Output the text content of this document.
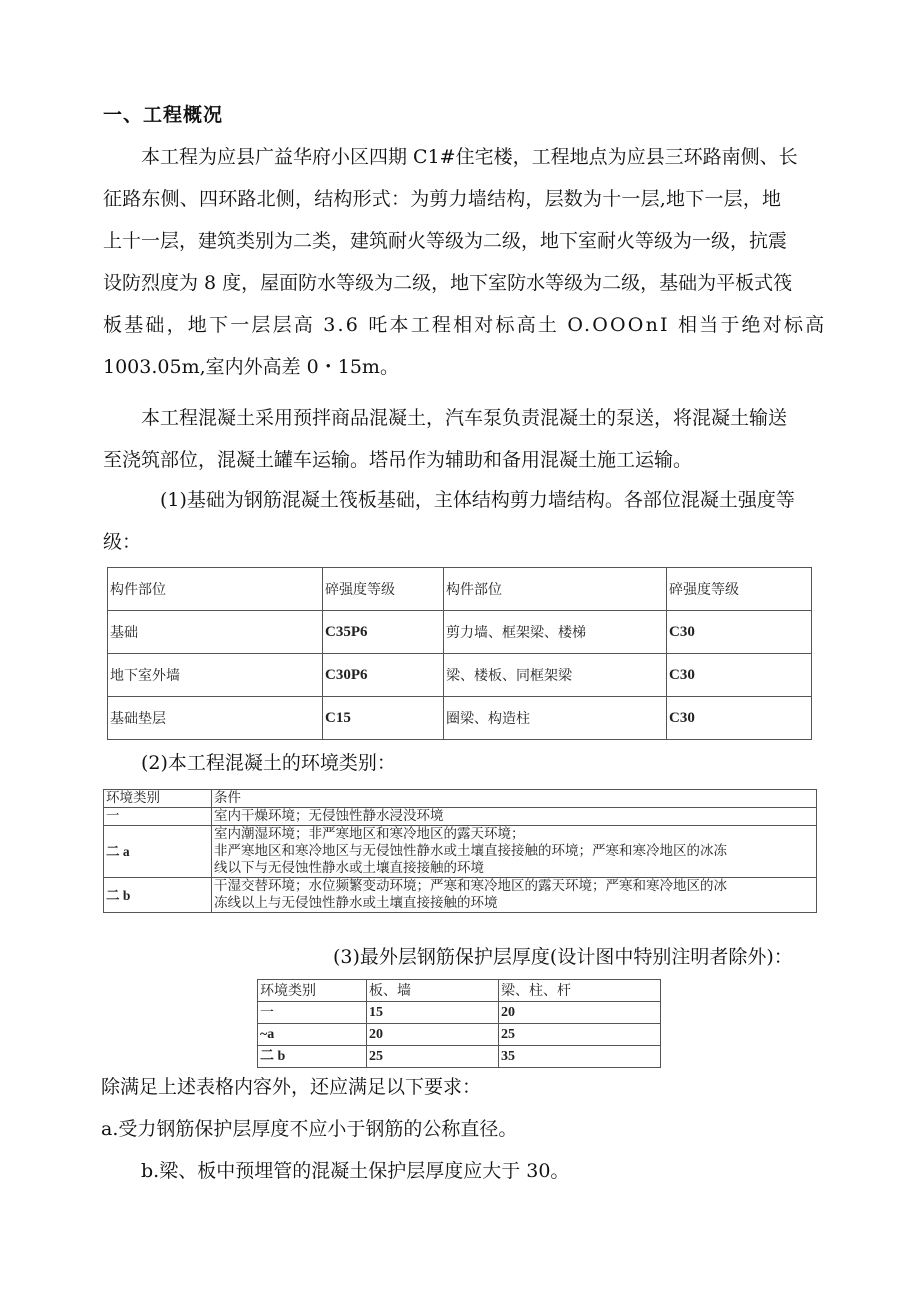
一、工程概况
本工程为应县广益华府小区四期 C1#住宅楼，工程地点为应县三环路南侧、长
征路东侧、四环路北侧，结构形式：为剪力墙结构，层数为十一层,地下一层，地
上十一层，建筑类别为二类，建筑耐火等级为二级，地下室耐火等级为一级，抗震
设防烈度为 8 度，屋面防水等级为二级，地下室防水等级为二级，基础为平板式筏
板基础，地下一层层高 3.6 吒本工程相对标高土 O.OOOnI 相当于绝对标高
1003.05m,室内外高差 0・15m。
本工程混凝土采用预拌商品混凝土，汽车泵负责混凝土的泵送，将混凝土输送
至浇筑部位，混凝土罐车运输。塔吊作为辅助和备用混凝土施工运输。
(1)基础为钢筋混凝土筏板基础，主体结构剪力墙结构。各部位混凝土强度等
级：
构件部位	碎强度等级	构件部位	碎强度等级
基础	C35P6	剪力墙、框架梁、楼梯	C30
地下室外墙	C30P6	梁、楼板、同框架梁	C30
基础垫层	C15	圈梁、构造柱	C30
(2)本工程混凝土的环境类别：
环境类别	条件
一	室内干燥环境；无侵蚀性静水浸没环境

二 a	室内潮湿环境；非严寒地区和寒冷地区的露天环境；
非严寒地区和寒冷地区与无侵蚀性静水或土壤直接接触的环境；严寒和寒冷地区的冰冻
线以下与无侵蚀性静水或土壤直接接触的环境

二 b	干湿交替环境；水位频繁变动环境；严寒和寒冷地区的露天环境；严寒和寒冷地区的冰
冻线以上与无侵蚀性静水或土壤直接接触的环境
(3)最外层钢筋保护层厚度(设计图中特别注明者除外)：
环境类别	板、墙	梁、柱、杆
一	15	20
~a	20	25
二 b	25	35
除满足上述表格内容外，还应满足以下要求：
a.受力钢筋保护层厚度不应小于钢筋的公称直径。
b.梁、板中预埋管的混凝土保护层厚度应大于 30。
